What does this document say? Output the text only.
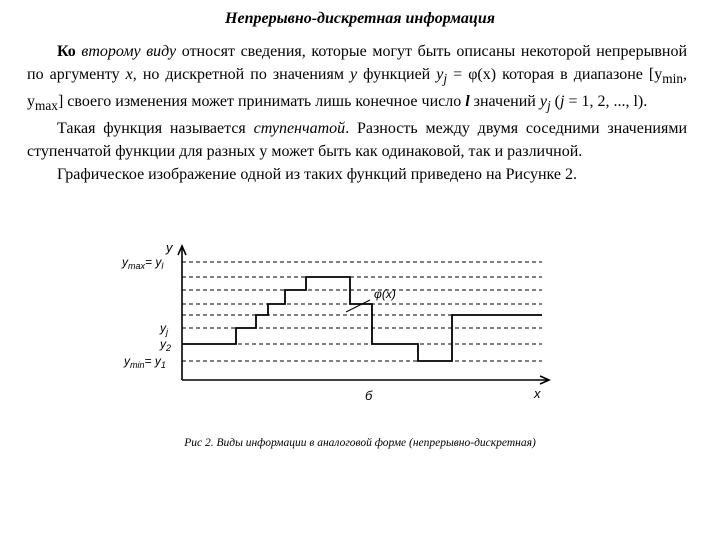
Непрерывно-дискретная информация

Ко второму виду относят сведения, которые могут быть описаны некоторой непрерывной по аргументу x, но дискретной по значениям y функцией $y_j = \varphi(x)$ которая в диапазоне [$y_{min}$, $y_{max}$] своего изменения может принимать лишь конечное число l значений $y_j$ (j = 1, 2, ..., l).

Такая функция называется ступенчатой. Разность между двумя соседними значениями ступенчатой функции для разных y может быть как одинаковой, так и различной.

Графическое изображение одной из таких функций приведено на Рисунке 2.

y
x
$y_{max}= y_l$
$y_j$
$y_2$
$y_{min}= y_1$
φ(x)
б
Рис 2. Виды информации в аналоговой форме (непрерывно-дискретная)
